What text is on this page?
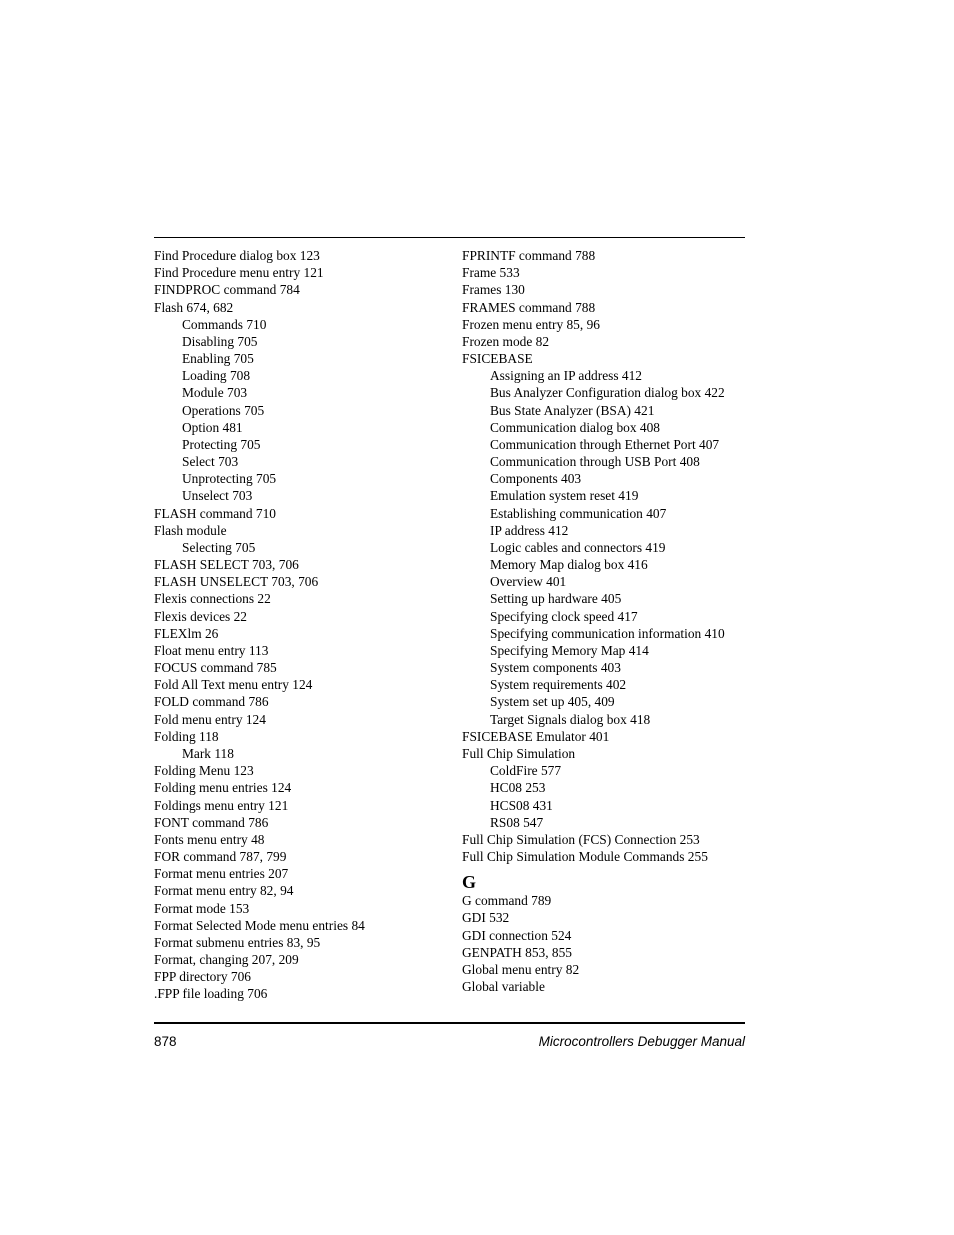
Find Procedure dialog box 123
Find Procedure menu entry 121
FINDPROC command 784
Flash 674, 682
Commands 710
Disabling 705
Enabling 705
Loading 708
Module 703
Operations 705
Option 481
Protecting 705
Select 703
Unprotecting 705
Unselect 703
FLASH command 710
Flash module
Selecting 705
FLASH SELECT 703, 706
FLASH UNSELECT 703, 706
Flexis connections 22
Flexis devices 22
FLEXlm 26
Float menu entry 113
FOCUS command 785
Fold All Text menu entry 124
FOLD command 786
Fold menu entry 124
Folding 118
Mark 118
Folding Menu 123
Folding menu entries 124
Foldings menu entry 121
FONT command 786
Fonts menu entry 48
FOR command 787, 799
Format menu entries 207
Format menu entry 82, 94
Format mode 153
Format Selected Mode menu entries 84
Format submenu entries 83, 95
Format, changing 207, 209
FPP directory 706
.FPP file loading 706
FPRINTF command 788
Frame 533
Frames 130
FRAMES command 788
Frozen menu entry 85, 96
Frozen mode 82
FSICEBASE
Assigning an IP address 412
Bus Analyzer Configuration dialog box 422
Bus State Analyzer (BSA) 421
Communication dialog box 408
Communication through Ethernet Port 407
Communication through USB Port 408
Components 403
Emulation system reset 419
Establishing communication 407
IP address 412
Logic cables and connectors 419
Memory Map dialog box 416
Overview 401
Setting up hardware 405
Specifying clock speed 417
Specifying communication information 410
Specifying Memory Map 414
System components 403
System requirements 402
System set up 405, 409
Target Signals dialog box 418
FSICEBASE Emulator 401
Full Chip Simulation
ColdFire 577
HC08 253
HCS08 431
RS08 547
Full Chip Simulation (FCS) Connection 253
Full Chip Simulation Module Commands 255
G
G command 789
GDI 532
GDI connection 524
GENPATH 853, 855
Global menu entry 82
Global variable
878	Microcontrollers Debugger Manual
